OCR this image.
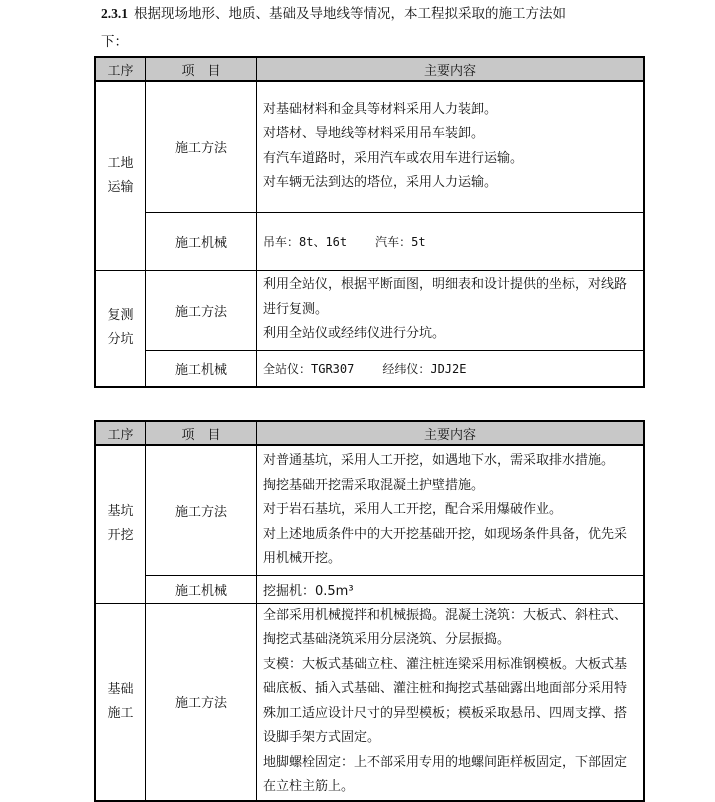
2.3.1 根据现场地形、地质、基础及导地线等情况，本工程拟采取的施工方法如
下：
工序	项　目	主要内容
工地运输	施工方法	对基础材料和金具等材料采用人力装卸。
对塔材、导地线等材料采用吊车装卸。
有汽车道路时，采用汽车或农用车进行运输。
对车辆无法到达的塔位，采用人力运输。

	施工机械	吊车：8t、16t 汽车：5t
复测分坑	施工方法	利用全站仪，根据平断面图，明细表和设计提供的坐标，对线路进行复测。
利用全站仪或经纬仪进行分坑。

	施工机械	全站仪：TGR307 经纬仪：JDJ2E
工序	项　目	主要内容
基坑开挖	施工方法	对普通基坑，采用人工开挖，如遇地下水，需采取排水措施。
掏挖基础开挖需采取混凝土护壁措施。
对于岩石基坑，采用人工开挖，配合采用爆破作业。
对上述地质条件中的大开挖基础开挖，如现场条件具备，优先采用机械开挖。

	施工机械	挖掘机：0.5m³
基础施工	施工方法	全部采用机械搅拌和机械振捣。混凝土浇筑：大板式、斜柱式、掏挖式基础浇筑采用分层浇筑、分层振捣。
支模：大板式基础立柱、灌注桩连梁采用标准钢模板。大板式基础底板、插入式基础、灌注桩和掏挖式基础露出地面部分采用特殊加工适应设计尺寸的异型模板；模板采取悬吊、四周支撑、搭设脚手架方式固定。
地脚螺栓固定：上不部采用专用的地螺间距样板固定，下部固定在立柱主筋上。
